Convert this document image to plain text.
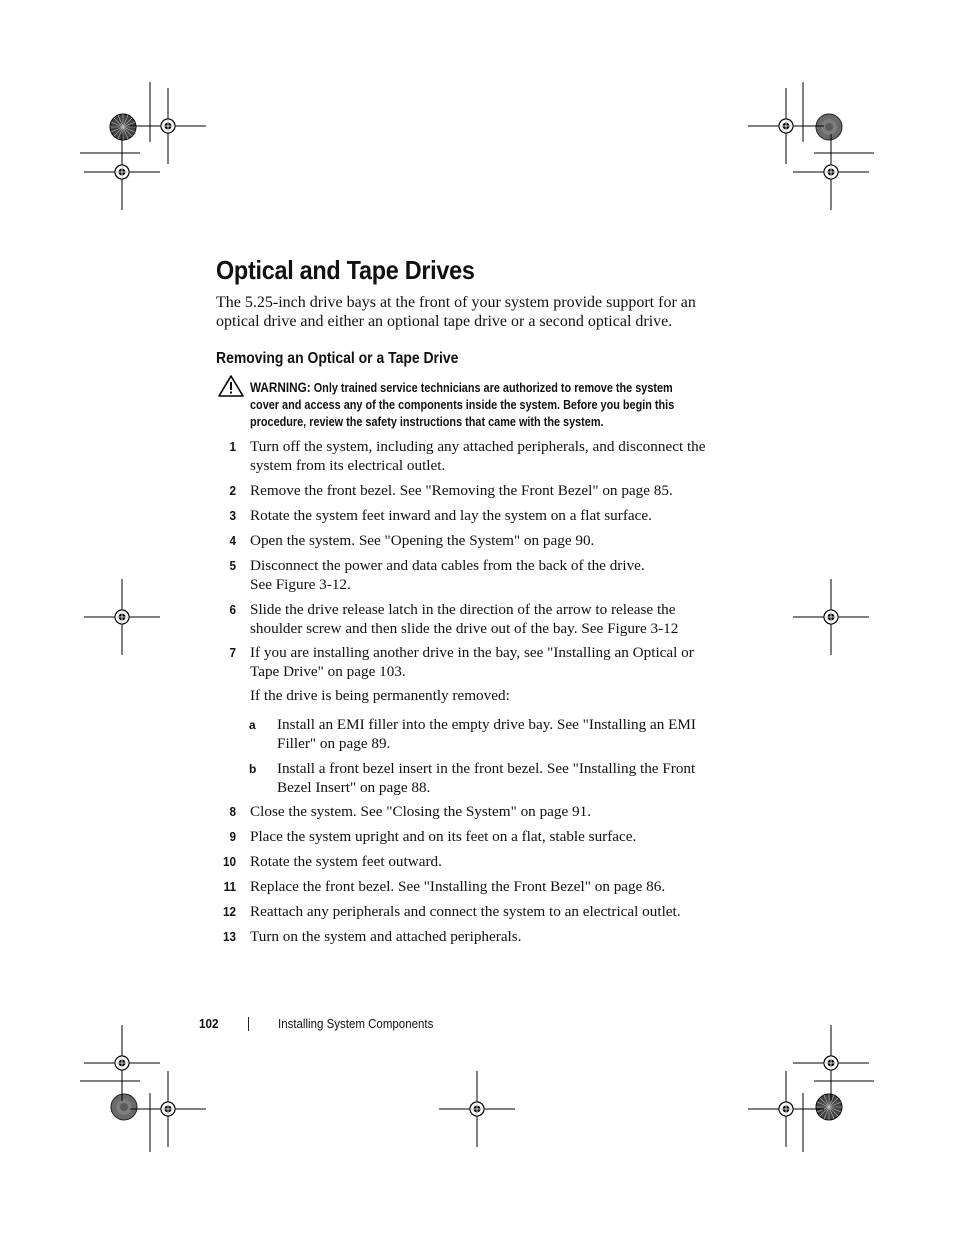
Optical and Tape Drives
The 5.25-inch drive bays at the front of your system provide support for an optical drive and either an optional tape drive or a second optical drive.
Removing an Optical or a Tape Drive
WARNING: Only trained service technicians are authorized to remove the system cover and access any of the components inside the system. Before you begin this procedure, review the safety instructions that came with the system.
1 Turn off the system, including any attached peripherals, and disconnect the system from its electrical outlet.
2 Remove the front bezel. See "Removing the Front Bezel" on page 85.
3 Rotate the system feet inward and lay the system on a flat surface.
4 Open the system. See "Opening the System" on page 90.
5 Disconnect the power and data cables from the back of the drive. See Figure 3-12.
6 Slide the drive release latch in the direction of the arrow to release the shoulder screw and then slide the drive out of the bay. See Figure 3-12
7 If you are installing another drive in the bay, see "Installing an Optical or Tape Drive" on page 103.
If the drive is being permanently removed:
a Install an EMI filler into the empty drive bay. See "Installing an EMI Filler" on page 89.
b Install a front bezel insert in the front bezel. See "Installing the Front Bezel Insert" on page 88.
8 Close the system. See "Closing the System" on page 91.
9 Place the system upright and on its feet on a flat, stable surface.
10 Rotate the system feet outward.
11 Replace the front bezel. See "Installing the Front Bezel" on page 86.
12 Reattach any peripherals and connect the system to an electrical outlet.
13 Turn on the system and attached peripherals.
102	Installing System Components
